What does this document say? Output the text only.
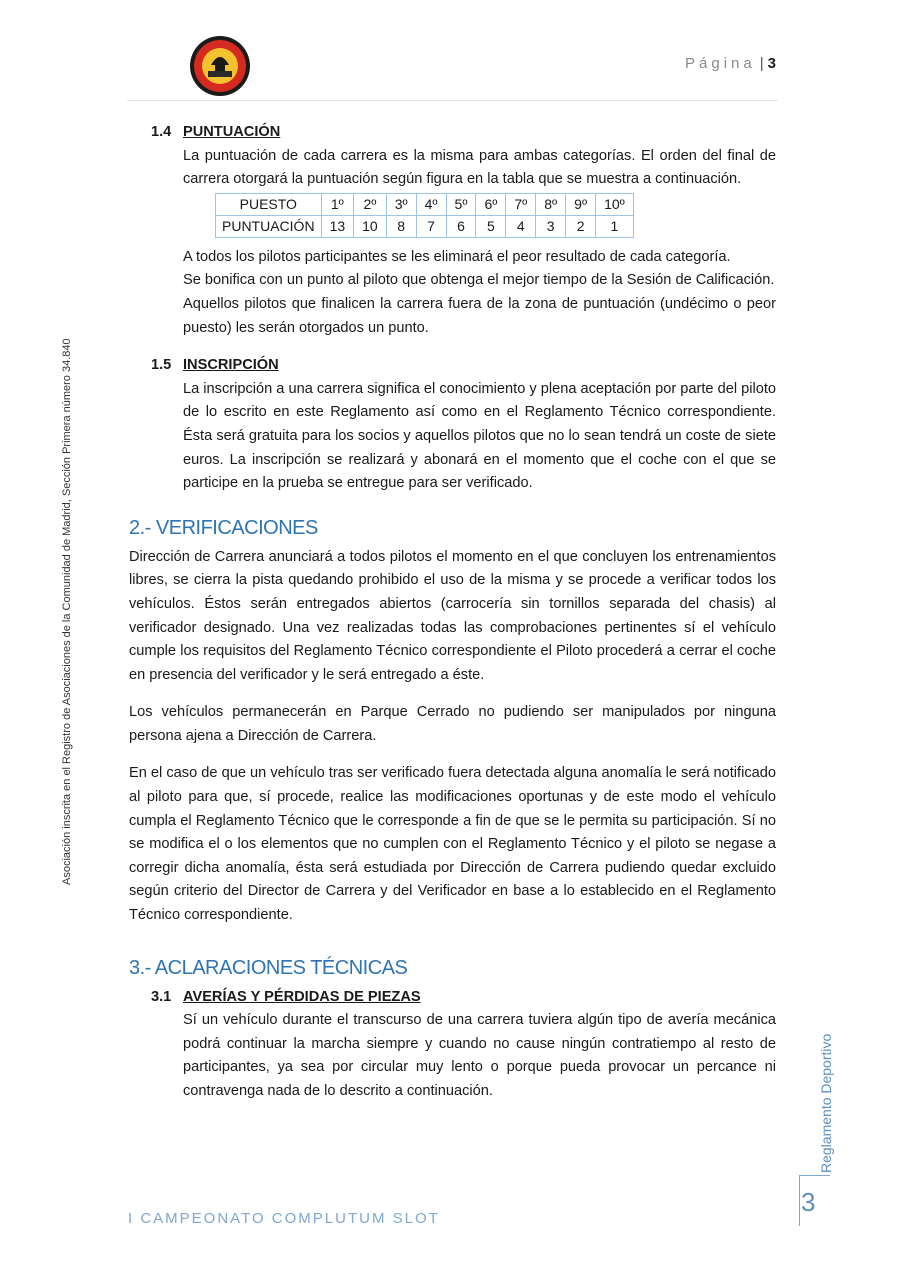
Página | 3
Asociación inscrita en el Registro de Asociaciones de la Comunidad de Madrid, Sección Primera número 34.840
1.4 PUNTUACIÓN

La puntuación de cada carrera es la misma para ambas categorías. El orden del final de carrera otorgará la puntuación según figura en la tabla que se muestra a continuación.

PUESTO	1º	2º	3º	4º	5º	6º	7º	8º	9º	10º
PUNTUACIÓN	13	10	8	7	6	5	4	3	2	1

A todos los pilotos participantes se les eliminará el peor resultado de cada categoría.

Se bonifica con un punto al piloto que obtenga el mejor tiempo de la Sesión de Calificación.

Aquellos pilotos que finalicen la carrera fuera de la zona de puntuación (undécimo o peor puesto) les serán otorgados un punto.

1.5 INSCRIPCIÓN

La inscripción a una carrera significa el conocimiento y plena aceptación por parte del piloto de lo escrito en este Reglamento así como en el Reglamento Técnico correspondiente. Ésta será gratuita para los socios y aquellos pilotos que no lo sean tendrá un coste de siete euros. La inscripción se realizará y abonará en el momento que el coche con el que se participe en la prueba se entregue para ser verificado.

2.- VERIFICACIONES

Dirección de Carrera anunciará a todos pilotos el momento en el que concluyen los entrenamientos libres, se cierra la pista quedando prohibido el uso de la misma y se procede a verificar todos los vehículos. Éstos serán entregados abiertos (carrocería sin tornillos separada del chasis) al verificador designado. Una vez realizadas todas las comprobaciones pertinentes sí el vehículo cumple los requisitos del Reglamento Técnico correspondiente el Piloto procederá a cerrar el coche en presencia del verificador y le será entregado a éste.

Los vehículos permanecerán en Parque Cerrado no pudiendo ser manipulados por ninguna persona ajena a Dirección de Carrera.

En el caso de que un vehículo tras ser verificado fuera detectada alguna anomalía le será notificado al piloto para que, sí procede, realice las modificaciones oportunas y de este modo el vehículo cumpla el Reglamento Técnico que le corresponde a fin de que se le permita su participación. Sí no se modifica el o los elementos que no cumplen con el Reglamento Técnico y el piloto se negase a corregir dicha anomalía, ésta será estudiada por Dirección de Carrera pudiendo quedar excluido según criterio del Director de Carrera y del Verificador en base a lo establecido en el Reglamento Técnico correspondiente.

3.- ACLARACIONES TÉCNICAS
3.1 AVERÍAS Y PÉRDIDAS DE PIEZAS

Sí un vehículo durante el transcurso de una carrera tuviera algún tipo de avería mecánica podrá continuar la marcha siempre y cuando no cause ningún contratiempo al resto de participantes, ya sea por circular muy lento o porque pueda provocar un percance ni contravenga nada de lo descrito a continuación.

I CAMPEONATO COMPLUTUM SLOT
3
Reglamento Deportivo
